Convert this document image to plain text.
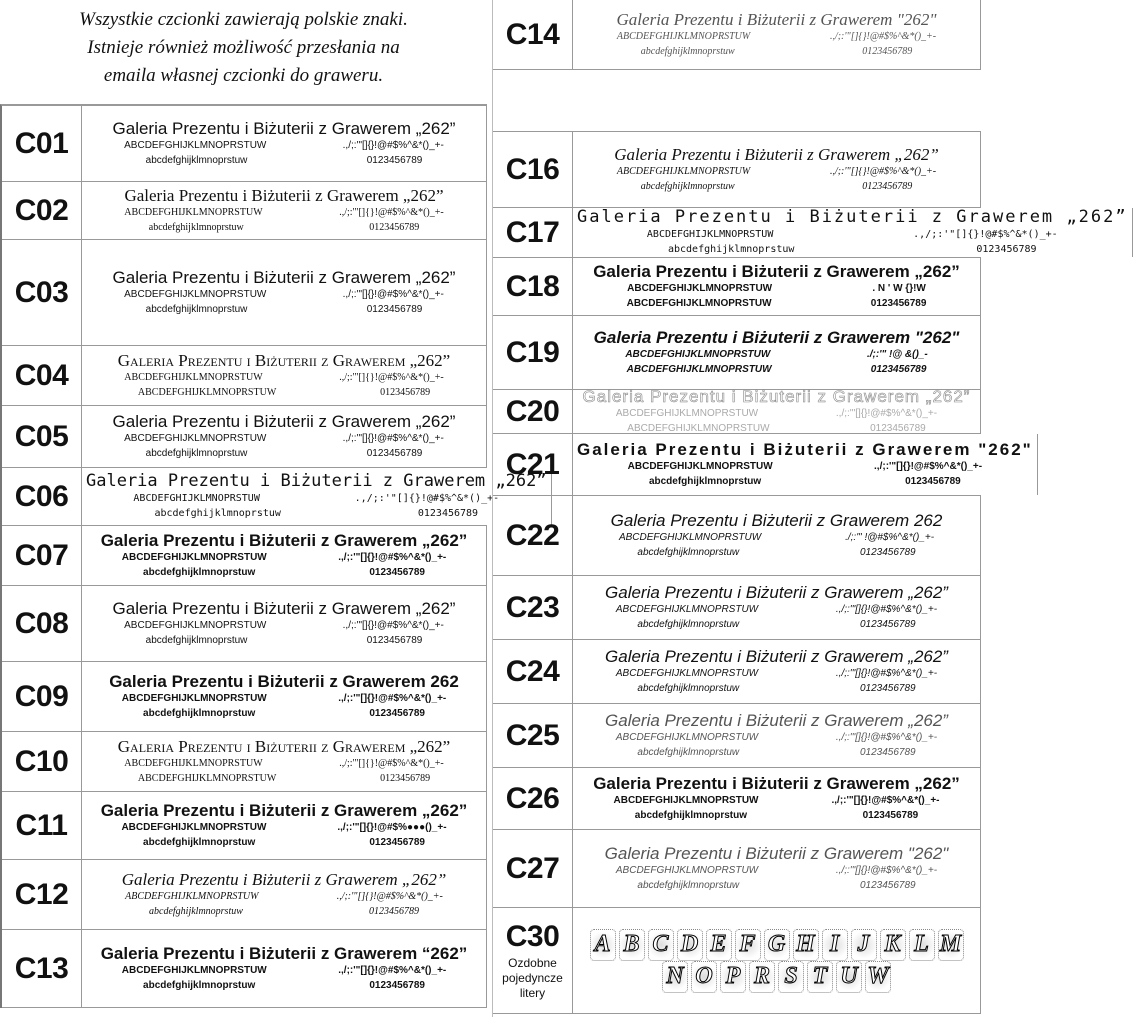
Wszystkie czcionki zawierają polskie znaki.

Istnieje również możliwość przesłania na

emaila własnej czcionki do graweru.

C01	Galeria Prezentu i Biżuterii z Grawerem „262”
ABCDEFGHIJKLMNOPRSTUW	.,/;:'"[]{}!@#$%^&*()_+-
abcdefghijklmnoprstuw	0123456789
C02	Galeria Prezentu i Biżuterii z Grawerem „262”
ABCDEFGHIJKLMNOPRSTUW	.,/;:'"[]{}!@#$%^&*()_+-
abcdefghijklmnoprstuw	0123456789
C03	Galeria Prezentu i Biżuterii z Grawerem „262”
ABCDEFGHIJKLMNOPRSTUW	.,/;:'"[]{}!@#$%^&*()_+-
abcdefghijklmnoprstuw	0123456789
C04	Galeria Prezentu i Biżuterii z Grawerem „262”
ABCDEFGHIJKLMNOPRSTUW	.,/;:'"[]{}!@#$%^&*()_+-
ABCDEFGHIJKLMNOPRSTUW	0123456789
C05	Galeria Prezentu i Biżuterii z Grawerem „262”
ABCDEFGHIJKLMNOPRSTUW	.,/;:'"[]{}!@#$%^&*()_+-
abcdefghijklmnoprstuw	0123456789
C06	Galeria Prezentu i Biżuterii z Grawerem „262”
ABCDEFGHIJKLMNOPRSTUW	.,/;:'"[]{}!@#$%^&*()_+-
abcdefghijklmnoprstuw	0123456789
C07	Galeria Prezentu i Biżuterii z Grawerem „262”
ABCDEFGHIJKLMNOPRSTUW	.,/;:'"[]{}!@#$%^&*()_+-
abcdefghijklmnoprstuw	0123456789
C08	Galeria Prezentu i Biżuterii z Grawerem „262”
ABCDEFGHIJKLMNOPRSTUW	.,/;:'"[]{}!@#$%^&*()_+-
abcdefghijklmnoprstuw	0123456789
C09	Galeria Prezentu i Biżuterii z Grawerem 262
ABCDEFGHIJKLMNOPRSTUW	.,/;:'"[]{}!@#$%^&*()_+-
abcdefghijklmnoprstuw	0123456789
C10	Galeria Prezentu i Biżuterii z Grawerem „262”
ABCDEFGHIJKLMNOPRSTUW	.,/;:'"[]{}!@#$%^&*()_+-
ABCDEFGHIJKLMNOPRSTUW	0123456789
C11	Galeria Prezentu i Biżuterii z Grawerem „262”
ABCDEFGHIJKLMNOPRSTUW	.,/;:'"[]{}!@#$%●●●()_+-
abcdefghijklmnoprstuw	0123456789
C12	Galeria Prezentu i Biżuterii z Grawerem „262”
ABCDEFGHIJKLMNOPRSTUW	.,/;:'"[]{}!@#$%^&*()_+-
abcdefghijklmnoprstuw	0123456789
C13	Galeria Prezentu i Biżuterii z Grawerem “262”
ABCDEFGHIJKLMNOPRSTUW	.,/;:'"[]{}!@#$%^&*()_+-
abcdefghijklmnoprstuw	0123456789
C14	Galeria Prezentu i Biżuterii z Grawerem "262"
ABCDEFGHIJKLMNOPRSTUW	.,/;:'"[]{}!@#$%^&*()_+-
abcdefghijklmnoprstuw	0123456789
C16	Galeria Prezentu i Biżuterii z Grawerem „262”
ABCDEFGHIJKLMNOPRSTUW	.,/;:'"[]{}!@#$%^&*()_+-
abcdefghijklmnoprstuw	0123456789
C17	Galeria Prezentu i Biżuterii z Grawerem „262”
ABCDEFGHIJKLMNOPRSTUW	.,/;:'"[]{}!@#$%^&*()_+-
abcdefghijklmnoprstuw	0123456789
C18	Galeria Prezentu i Biżuterii z Grawerem „262”
ABCDEFGHIJKLMNOPRSTUW	. N ' W {}!W
ABCDEFGHIJKLMNOPRSTUW	0123456789
C19	Galeria Prezentu i Biżuterii z Grawerem "262"
ABCDEFGHIJKLMNOPRSTUW	./;:'" !@ &()_-
ABCDEFGHIJKLMNOPRSTUW	0123456789
C20	Galeria Prezentu i Biżuterii z Grawerem „262”
ABCDEFGHIJKLMNOPRSTUW	.,/;:'"[]{}!@#$%^&*()_+-
ABCDEFGHIJKLMNOPRSTUW	0123456789
C21	Galeria Prezentu i Biżuterii z Grawerem "262"
ABCDEFGHIJKLMNOPRSTUW	.,/;:'"[]{}!@#$%^&*()_+-
abcdefghijklmnoprstuw	0123456789
C22	Galeria Prezentu i Biżuterii z Grawerem 262
ABCDEFGHIJKLMNOPRSTUW	./;:'" !@#$%^&*()_+-
abcdefghijklmnoprstuw	0123456789
C23	Galeria Prezentu i Biżuterii z Grawerem „262”
ABCDEFGHIJKLMNOPRSTUW	.,/;:'"[]{}!@#$%^&*()_+-
abcdefghijklmnoprstuw	0123456789
C24	Galeria Prezentu i Biżuterii z Grawerem „262”
ABCDEFGHIJKLMNOPRSTUW	.,/;:'"[]{}!@#$%^&*()_+-
abcdefghijklmnoprstuw	0123456789
C25	Galeria Prezentu i Biżuterii z Grawerem „262”
ABCDEFGHIJKLMNOPRSTUW	.,/;:'"[]{}!@#$%^&*()_+-
abcdefghijklmnoprstuw	0123456789
C26	Galeria Prezentu i Biżuterii z Grawerem „262”
ABCDEFGHIJKLMNOPRSTUW	.,/;:'"[]{}!@#$%^&*()_+-
abcdefghijklmnoprstuw	0123456789
C27	Galeria Prezentu i Biżuterii z Grawerem "262"
ABCDEFGHIJKLMNOPRSTUW	.,/;:'"[]{}!@#$%^&*()_+-
abcdefghijklmnoprstuw	0123456789
C30
Ozdobne pojedyncze litery
A B C D E F G H I J K L M
N O P R S T U W
